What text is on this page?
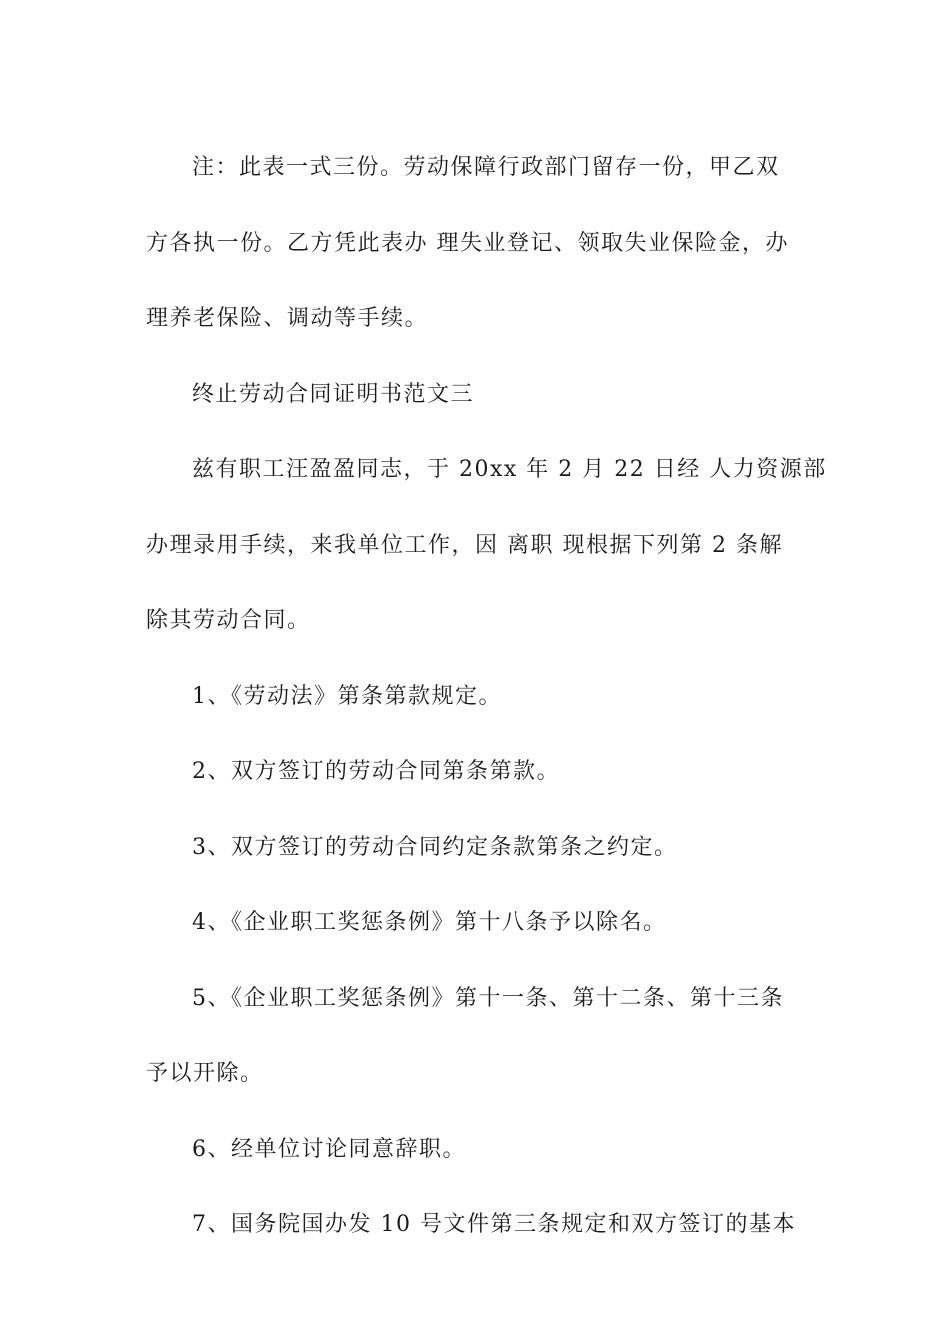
注：此表一式三份。劳动保障行政部门留存一份，甲乙双
方各执一份。乙方凭此表办 理失业登记、领取失业保险金，办
理养老保险、调动等手续。
终止劳动合同证明书范文三
兹有职工汪盈盈同志，于 20xx 年 2 月 22 日经 人力资源部
办理录用手续，来我单位工作，因 离职 现根据下列第 2 条解
除其劳动合同。
1、《劳动法》第条第款规定。
2、双方签订的劳动合同第条第款。
3、双方签订的劳动合同约定条款第条之约定。
4、《企业职工奖惩条例》第十八条予以除名。
5、《企业职工奖惩条例》第十一条、第十二条、第十三条
予以开除。
6、经单位讨论同意辞职。
7、国务院国办发 10 号文件第三条规定和双方签订的基本
